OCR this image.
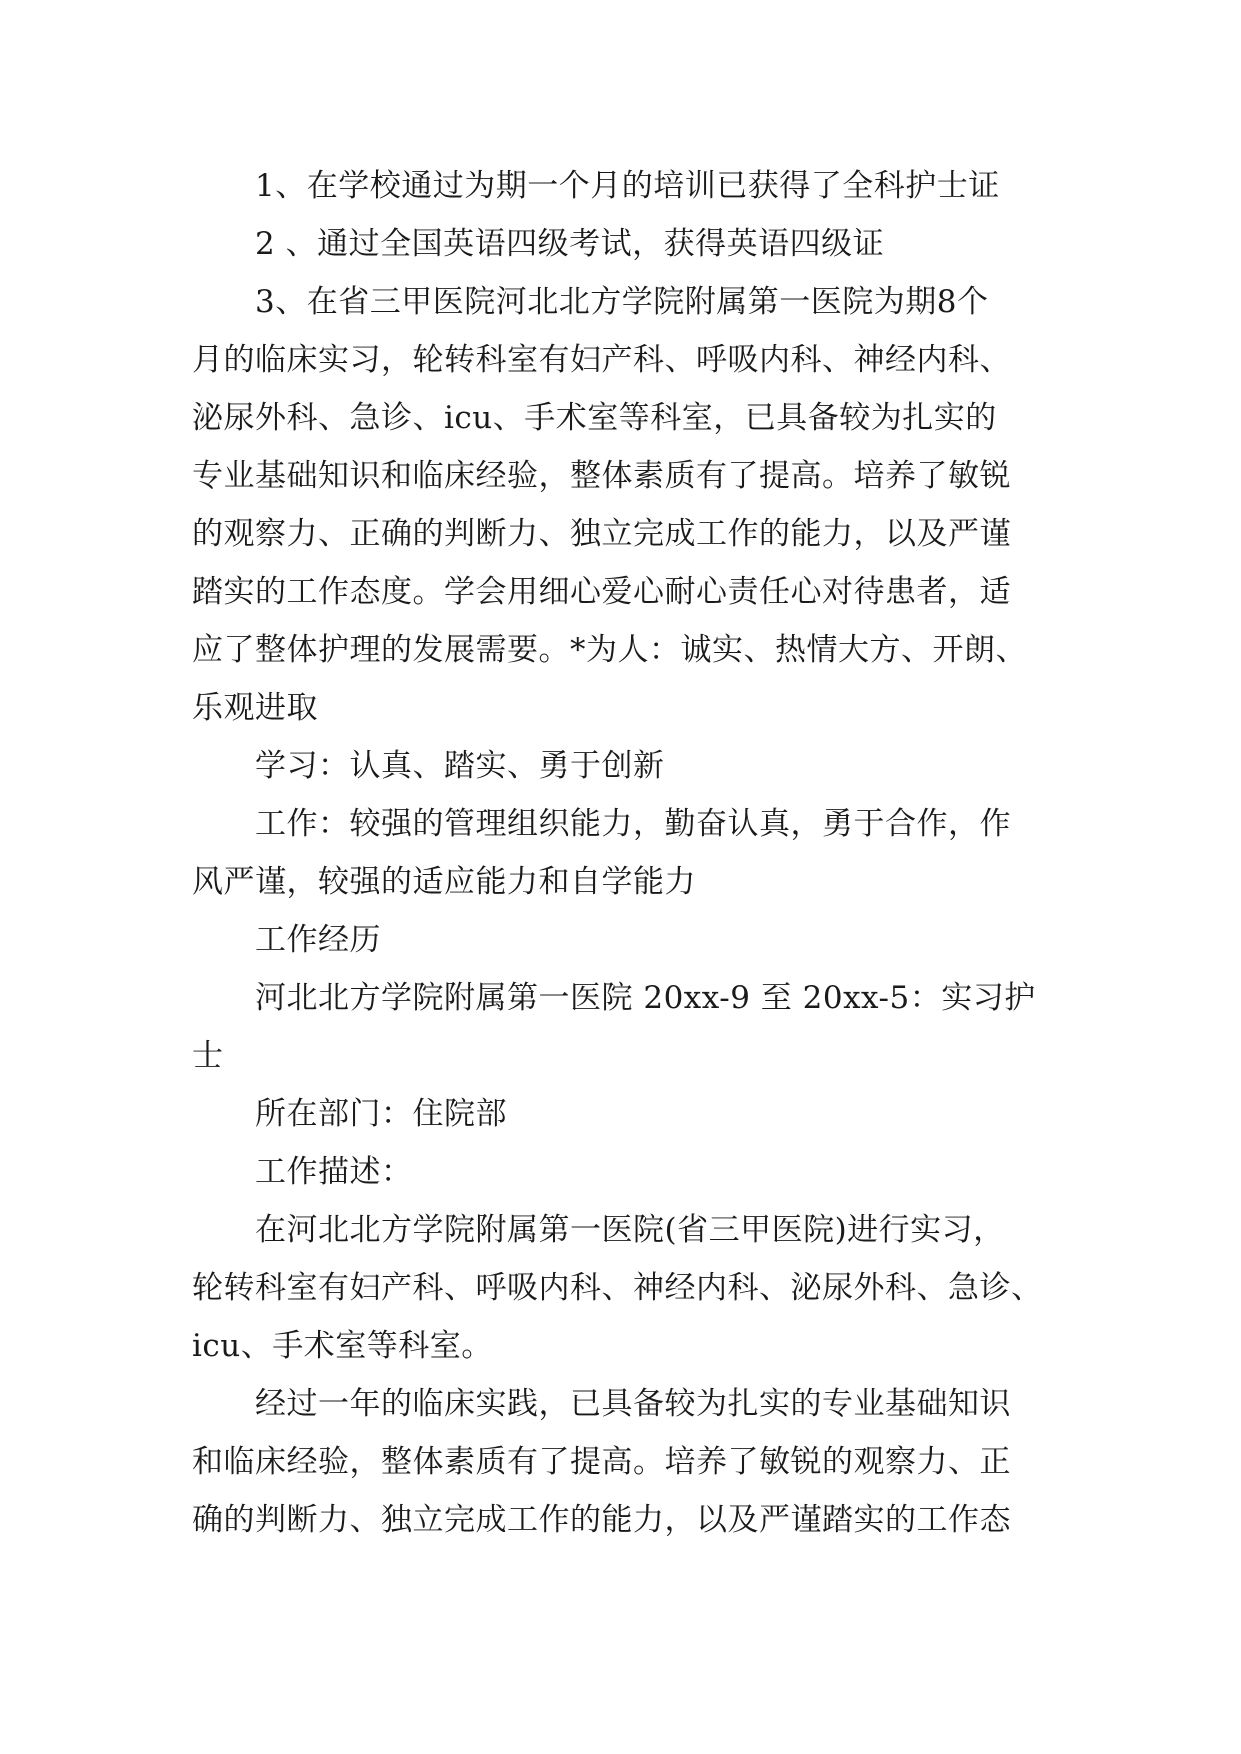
1、在学校通过为期一个月的培训已获得了全科护士证
2 、通过全国英语四级考试，获得英语四级证
3、在省三甲医院河北北方学院附属第一医院为期8个
月的临床实习，轮转科室有妇产科、呼吸内科、神经内科、
泌尿外科、急诊、icu、手术室等科室，已具备较为扎实的
专业基础知识和临床经验，整体素质有了提高。培养了敏锐
的观察力、正确的判断力、独立完成工作的能力，以及严谨
踏实的工作态度。学会用细心爱心耐心责任心对待患者，适
应了整体护理的发展需要。*为人：诚实、热情大方、开朗、
乐观进取
学习：认真、踏实、勇于创新
工作：较强的管理组织能力，勤奋认真，勇于合作，作
风严谨，较强的适应能力和自学能力
工作经历
河北北方学院附属第一医院 20xx-9 至 20xx-5：实习护
士
所在部门：住院部
工作描述：
在河北北方学院附属第一医院(省三甲医院)进行实习，
轮转科室有妇产科、呼吸内科、神经内科、泌尿外科、急诊、
icu、手术室等科室。
经过一年的临床实践，已具备较为扎实的专业基础知识
和临床经验，整体素质有了提高。培养了敏锐的观察力、正
确的判断力、独立完成工作的能力，以及严谨踏实的工作态
